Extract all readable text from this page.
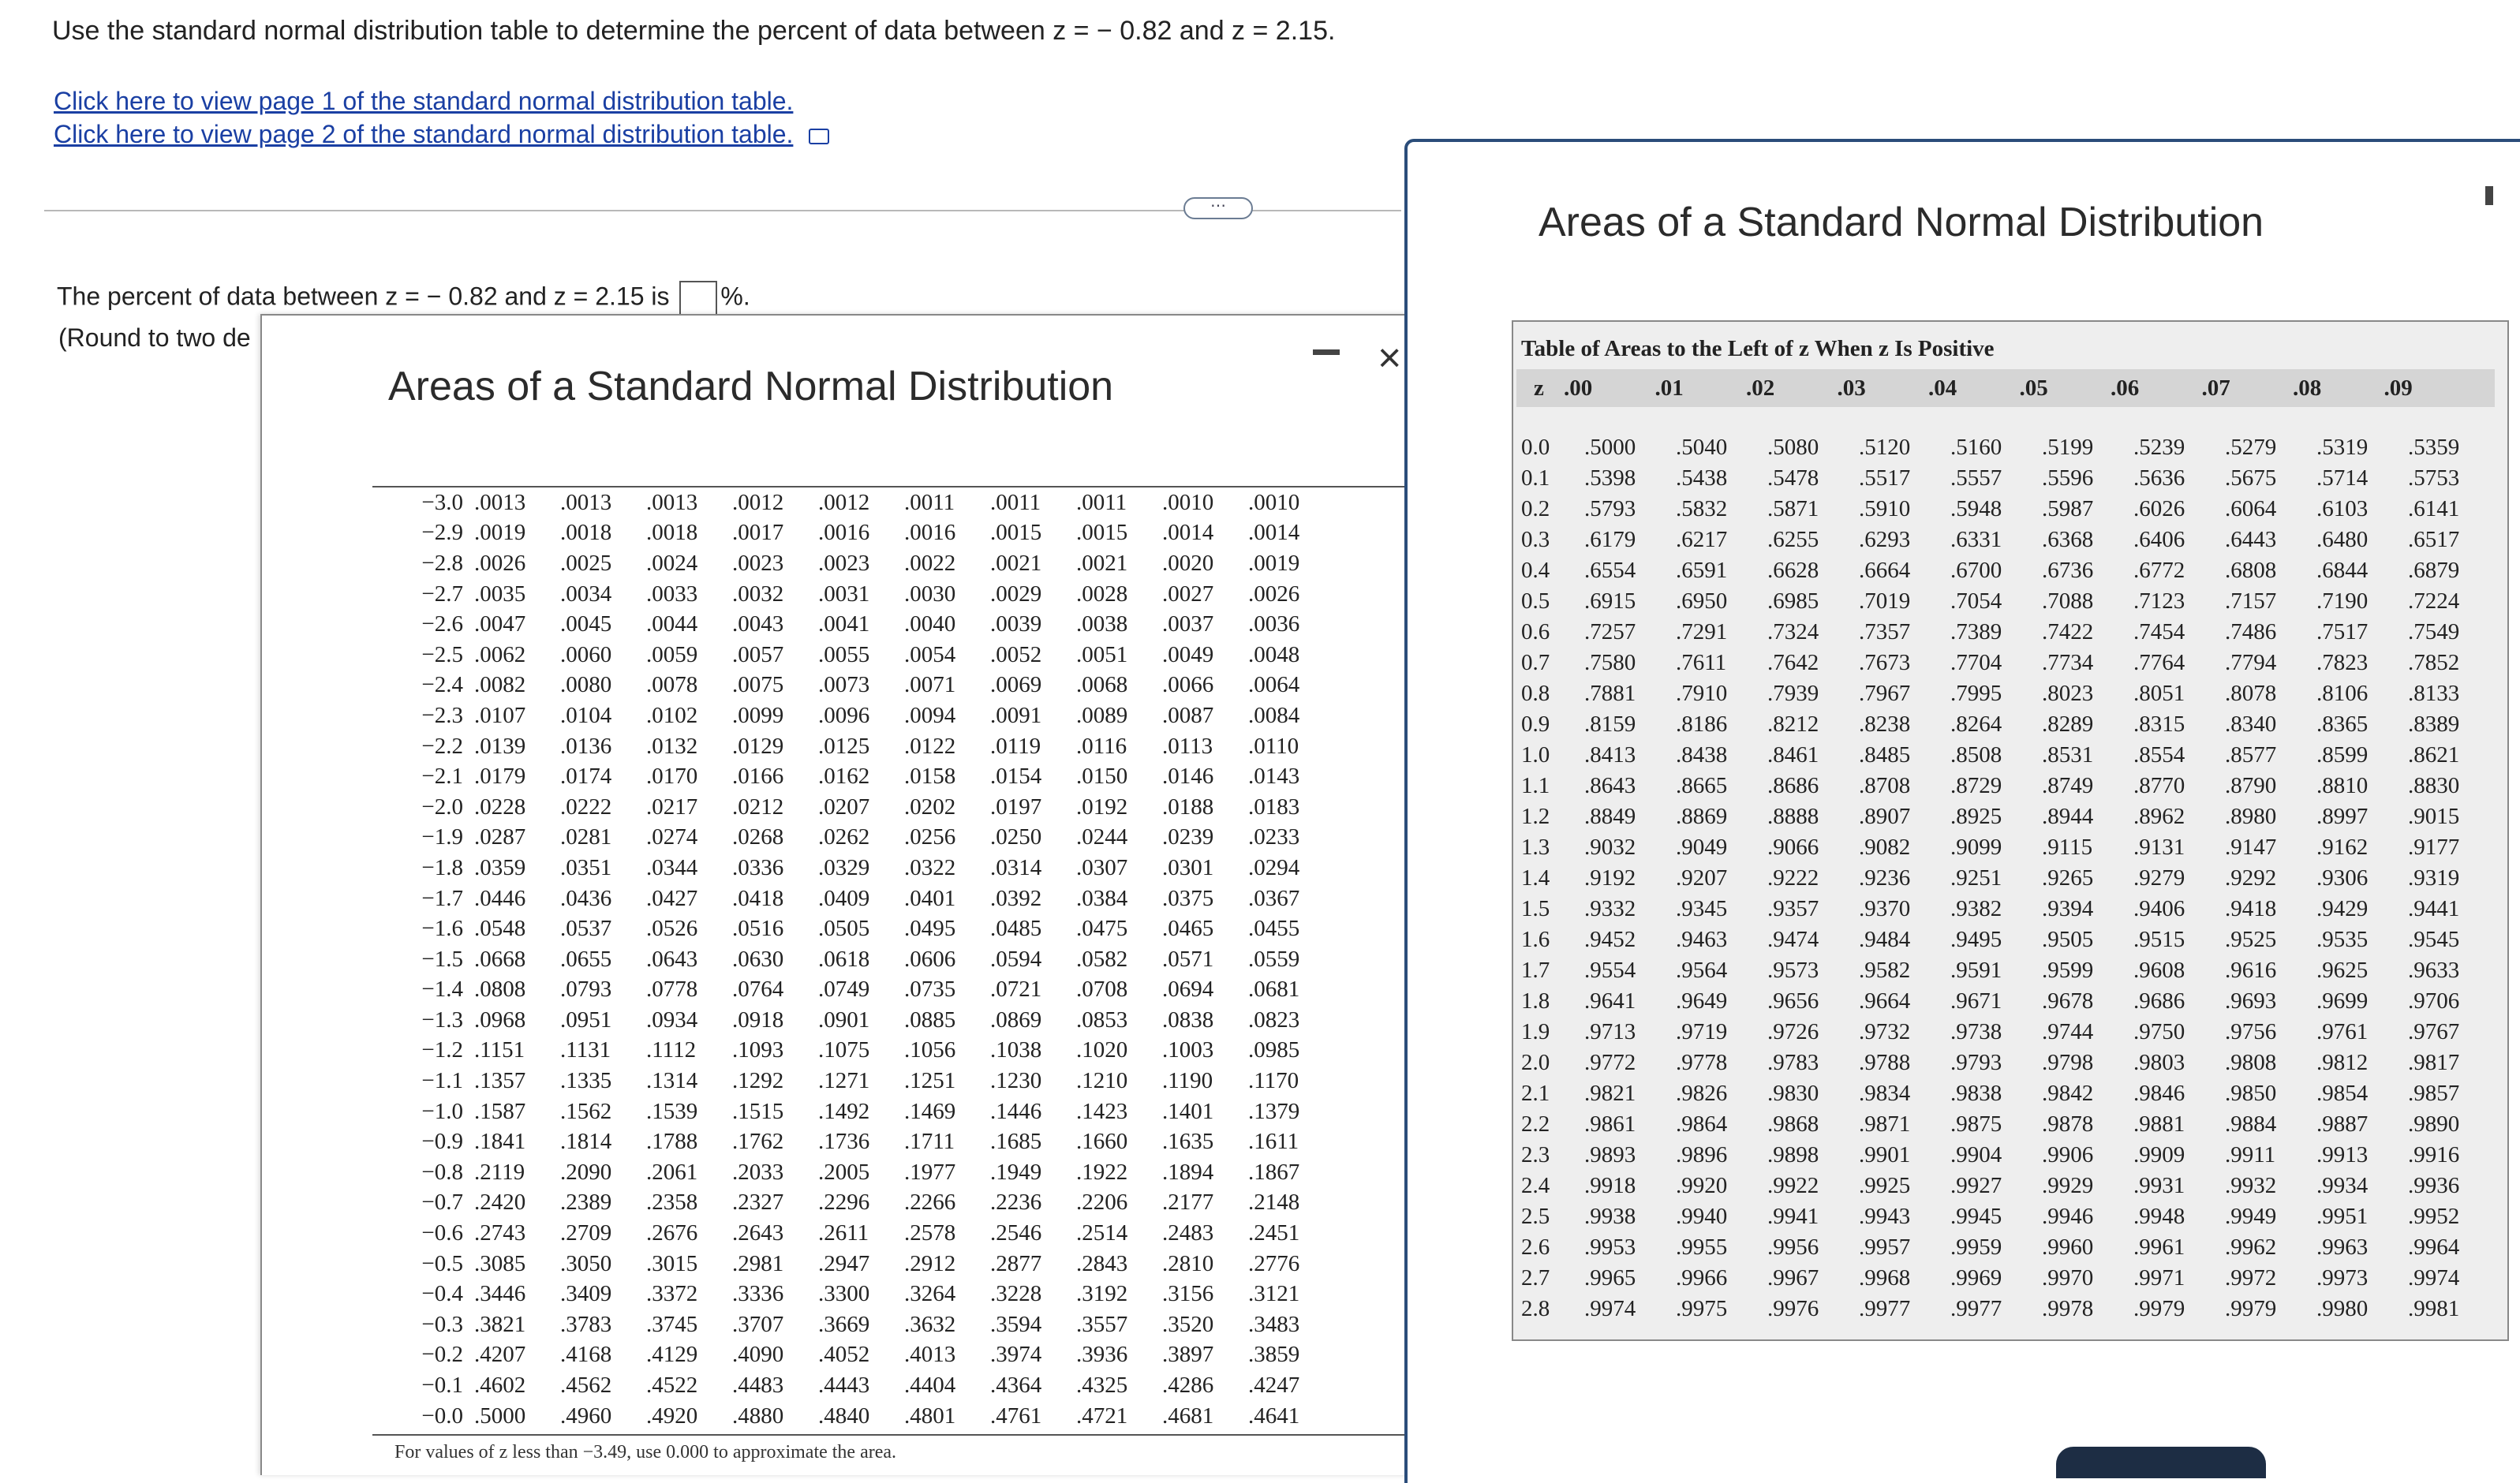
Use the standard normal distribution table to determine the percent of data between z = − 0.82 and z = 2.15.
Click here to view page 1 of the standard normal distribution table.
Click here to view page 2 of the standard normal distribution table.
⋯
The percent of data between z = − 0.82 and z = 2.15 is %.
(Round to two de
Areas of a Standard Normal Distribution
×
−3.0	.0013	.0013	.0013	.0012	.0012	.0011	.0011	.0011	.0010	.0010
−2.9	.0019	.0018	.0018	.0017	.0016	.0016	.0015	.0015	.0014	.0014
−2.8	.0026	.0025	.0024	.0023	.0023	.0022	.0021	.0021	.0020	.0019
−2.7	.0035	.0034	.0033	.0032	.0031	.0030	.0029	.0028	.0027	.0026
−2.6	.0047	.0045	.0044	.0043	.0041	.0040	.0039	.0038	.0037	.0036
−2.5	.0062	.0060	.0059	.0057	.0055	.0054	.0052	.0051	.0049	.0048
−2.4	.0082	.0080	.0078	.0075	.0073	.0071	.0069	.0068	.0066	.0064
−2.3	.0107	.0104	.0102	.0099	.0096	.0094	.0091	.0089	.0087	.0084
−2.2	.0139	.0136	.0132	.0129	.0125	.0122	.0119	.0116	.0113	.0110
−2.1	.0179	.0174	.0170	.0166	.0162	.0158	.0154	.0150	.0146	.0143
−2.0	.0228	.0222	.0217	.0212	.0207	.0202	.0197	.0192	.0188	.0183
−1.9	.0287	.0281	.0274	.0268	.0262	.0256	.0250	.0244	.0239	.0233
−1.8	.0359	.0351	.0344	.0336	.0329	.0322	.0314	.0307	.0301	.0294
−1.7	.0446	.0436	.0427	.0418	.0409	.0401	.0392	.0384	.0375	.0367
−1.6	.0548	.0537	.0526	.0516	.0505	.0495	.0485	.0475	.0465	.0455
−1.5	.0668	.0655	.0643	.0630	.0618	.0606	.0594	.0582	.0571	.0559
−1.4	.0808	.0793	.0778	.0764	.0749	.0735	.0721	.0708	.0694	.0681
−1.3	.0968	.0951	.0934	.0918	.0901	.0885	.0869	.0853	.0838	.0823
−1.2	.1151	.1131	.1112	.1093	.1075	.1056	.1038	.1020	.1003	.0985
−1.1	.1357	.1335	.1314	.1292	.1271	.1251	.1230	.1210	.1190	.1170
−1.0	.1587	.1562	.1539	.1515	.1492	.1469	.1446	.1423	.1401	.1379
−0.9	.1841	.1814	.1788	.1762	.1736	.1711	.1685	.1660	.1635	.1611
−0.8	.2119	.2090	.2061	.2033	.2005	.1977	.1949	.1922	.1894	.1867
−0.7	.2420	.2389	.2358	.2327	.2296	.2266	.2236	.2206	.2177	.2148
−0.6	.2743	.2709	.2676	.2643	.2611	.2578	.2546	.2514	.2483	.2451
−0.5	.3085	.3050	.3015	.2981	.2947	.2912	.2877	.2843	.2810	.2776
−0.4	.3446	.3409	.3372	.3336	.3300	.3264	.3228	.3192	.3156	.3121
−0.3	.3821	.3783	.3745	.3707	.3669	.3632	.3594	.3557	.3520	.3483
−0.2	.4207	.4168	.4129	.4090	.4052	.4013	.3974	.3936	.3897	.3859
−0.1	.4602	.4562	.4522	.4483	.4443	.4404	.4364	.4325	.4286	.4247
−0.0	.5000	.4960	.4920	.4880	.4840	.4801	.4761	.4721	.4681	.4641
For values of z less than −3.49, use 0.000 to approximate the area.
Areas of a Standard Normal Distribution
Table of Areas to the Left of z When z Is Positive
z .00	.01	.02	.03	.04	.05	.06	.07	.08	.09
0.0	.5000	.5040	.5080	.5120	.5160	.5199	.5239	.5279	.5319	.5359
0.1	.5398	.5438	.5478	.5517	.5557	.5596	.5636	.5675	.5714	.5753
0.2	.5793	.5832	.5871	.5910	.5948	.5987	.6026	.6064	.6103	.6141
0.3	.6179	.6217	.6255	.6293	.6331	.6368	.6406	.6443	.6480	.6517
0.4	.6554	.6591	.6628	.6664	.6700	.6736	.6772	.6808	.6844	.6879
0.5	.6915	.6950	.6985	.7019	.7054	.7088	.7123	.7157	.7190	.7224
0.6	.7257	.7291	.7324	.7357	.7389	.7422	.7454	.7486	.7517	.7549
0.7	.7580	.7611	.7642	.7673	.7704	.7734	.7764	.7794	.7823	.7852
0.8	.7881	.7910	.7939	.7967	.7995	.8023	.8051	.8078	.8106	.8133
0.9	.8159	.8186	.8212	.8238	.8264	.8289	.8315	.8340	.8365	.8389
1.0	.8413	.8438	.8461	.8485	.8508	.8531	.8554	.8577	.8599	.8621
1.1	.8643	.8665	.8686	.8708	.8729	.8749	.8770	.8790	.8810	.8830
1.2	.8849	.8869	.8888	.8907	.8925	.8944	.8962	.8980	.8997	.9015
1.3	.9032	.9049	.9066	.9082	.9099	.9115	.9131	.9147	.9162	.9177
1.4	.9192	.9207	.9222	.9236	.9251	.9265	.9279	.9292	.9306	.9319
1.5	.9332	.9345	.9357	.9370	.9382	.9394	.9406	.9418	.9429	.9441
1.6	.9452	.9463	.9474	.9484	.9495	.9505	.9515	.9525	.9535	.9545
1.7	.9554	.9564	.9573	.9582	.9591	.9599	.9608	.9616	.9625	.9633
1.8	.9641	.9649	.9656	.9664	.9671	.9678	.9686	.9693	.9699	.9706
1.9	.9713	.9719	.9726	.9732	.9738	.9744	.9750	.9756	.9761	.9767
2.0	.9772	.9778	.9783	.9788	.9793	.9798	.9803	.9808	.9812	.9817
2.1	.9821	.9826	.9830	.9834	.9838	.9842	.9846	.9850	.9854	.9857
2.2	.9861	.9864	.9868	.9871	.9875	.9878	.9881	.9884	.9887	.9890
2.3	.9893	.9896	.9898	.9901	.9904	.9906	.9909	.9911	.9913	.9916
2.4	.9918	.9920	.9922	.9925	.9927	.9929	.9931	.9932	.9934	.9936
2.5	.9938	.9940	.9941	.9943	.9945	.9946	.9948	.9949	.9951	.9952
2.6	.9953	.9955	.9956	.9957	.9959	.9960	.9961	.9962	.9963	.9964
2.7	.9965	.9966	.9967	.9968	.9969	.9970	.9971	.9972	.9973	.9974
2.8	.9974	.9975	.9976	.9977	.9977	.9978	.9979	.9979	.9980	.9981
